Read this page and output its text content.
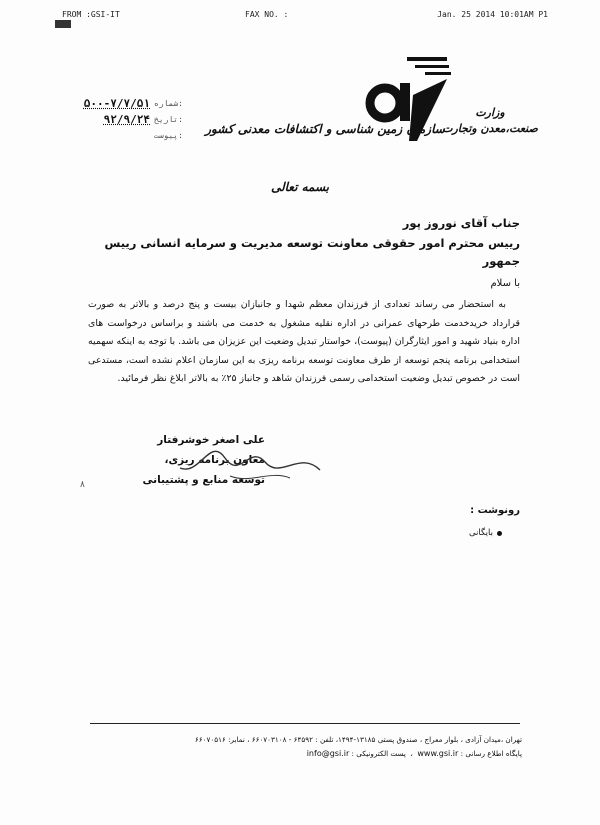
FROM :GSI-IT	FAX NO. :	Jan. 25 2014 10:01AM P1
وزارت
صنعت،معدن وتجارت
سازمان زمین شناسی و اکتشافات معدنی کشور
شماره:
۵۰۰-۷/۷/۵۱
تاریخ:
۹۲/۹/۲۴
پیوست:
بسمه تعالی
جناب آقای نوروز پور
رییس محترم امور حقوقی معاونت توسعه مدیریت و سرمایه انسانی رییس جمهور
با سلام

به استحضار می رساند تعدادی از فرزندان معظم شهدا و جانبازان بیست و پنج درصد و بالاتر به صورت قرارداد خریدخدمت طرحهای عمرانی در اداره نقلیه مشغول به خدمت می باشند و براساس درخواست های اداره بنیاد شهید و امور ایثارگران (پیوست)، خواستار تبدیل وضعیت این عزیزان می باشد. با توجه به اینکه سهمیه استخدامی برنامه پنجم توسعه از طرف معاونت توسعه برنامه ریزی به این سازمان اعلام نشده است، مستدعی است در خصوص تبدیل وضعیت استخدامی رسمی فرزندان شاهد و جانباز ۲۵٪ به بالاتر ابلاغ نظر فرمائید.

علی اصغر خوشرفتار
معاون برنامه ریزی،
توسعه منابع و پشتیبانی
۸
رونوشت :
بایگانی
تهران ،میدان آزادی ، بلوار معراج ، صندوق پستی ۱۳۱۸۵-۱۴۹۴، تلفن : ۶۴۵۹۲ - ۶۶۰۷۰۳۱۰۸ ، نمابر: ۶۶۰۷۰۵۱۶
پایگاه اطلاع رسانی : www.gsi.ir  ،  پست الکترونیکی : info@gsi.ir
